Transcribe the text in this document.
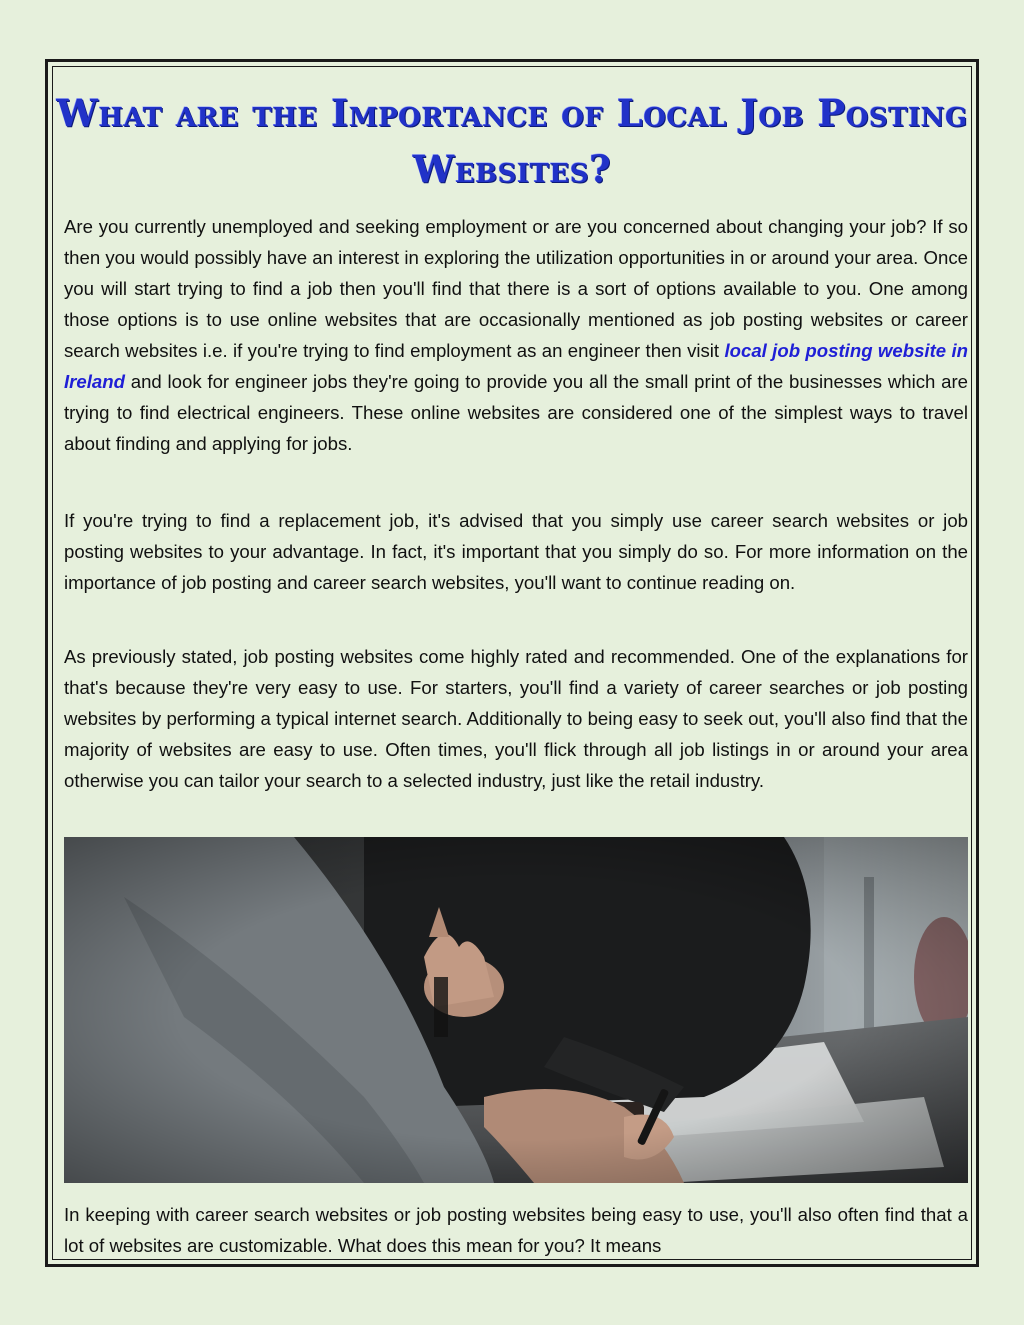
What are the Importance of Local Job Posting Websites?

Are you currently unemployed and seeking employment or are you concerned about changing your job? If so then you would possibly have an interest in exploring the utilization opportunities in or around your area. Once you will start trying to find a job then you'll find that there is a sort of options available to you. One among those options is to use online websites that are occasionally mentioned as job posting websites or career search websites i.e. if you're trying to find employment as an engineer then visit local job posting website in Ireland and look for engineer jobs they're going to provide you all the small print of the businesses which are trying to find electrical engineers. These online websites are considered one of the simplest ways to travel about finding and applying for jobs.

If you're trying to find a replacement job, it's advised that you simply use career search websites or job posting websites to your advantage. In fact, it's important that you simply do so. For more information on the importance of job posting and career search websites, you'll want to continue reading on.

As previously stated, job posting websites come highly rated and recommended. One of the explanations for that's because they're very easy to use. For starters, you'll find a variety of career searches or job posting websites by performing a typical internet search. Additionally to being easy to seek out, you'll also find that the majority of websites are easy to use. Often times, you'll flick through all job listings in or around your area otherwise you can tailor your search to a selected industry, just like the retail industry.

In keeping with career search websites or job posting websites being easy to use, you'll also often find that a lot of websites are customizable. What does this mean for you? It means
